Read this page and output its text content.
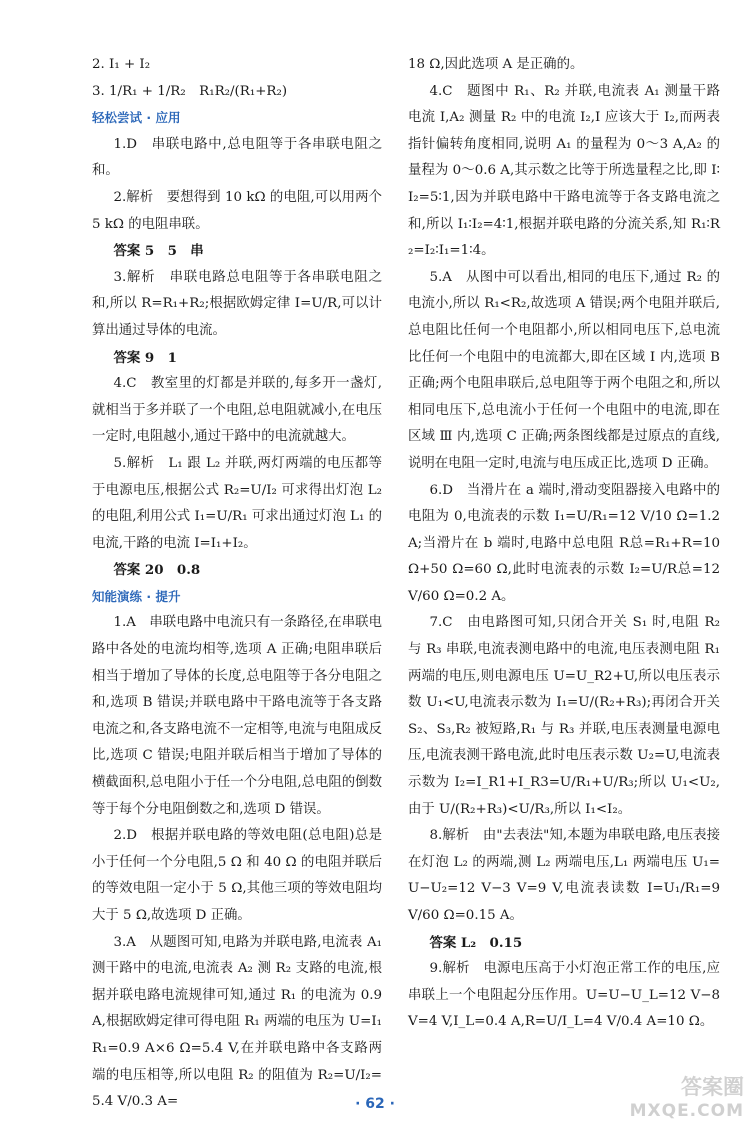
2. I₁ + I₂

3. 1/R₁ + 1/R₂　R₁R₂/(R₁+R₂)

轻松尝试 · 应用

1.D　串联电路中,总电阻等于各串联电阻之和。

2.解析　要想得到 10 kΩ 的电阻,可以用两个 5 kΩ 的电阻串联。

答案 5　5　串

3.解析　串联电路总电阻等于各串联电阻之和,所以 R=R₁+R₂;根据欧姆定律 I=U/R,可以计算出通过导体的电流。

答案 9　1

4.C　教室里的灯都是并联的,每多开一盏灯,就相当于多并联了一个电阻,总电阻就减小,在电压一定时,电阻越小,通过干路中的电流就越大。

5.解析　L₁ 跟 L₂ 并联,两灯两端的电压都等于电源电压,根据公式 R₂=U/I₂ 可求得出灯泡 L₂ 的电阻,利用公式 I₁=U/R₁ 可求出通过灯泡 L₁ 的电流,干路的电流 I=I₁+I₂。

答案 20　0.8

知能演练 · 提升

1.A　串联电路中电流只有一条路径,在串联电路中各处的电流均相等,选项 A 正确;电阻串联后相当于增加了导体的长度,总电阻等于各分电阻之和,选项 B 错误;并联电路中干路电流等于各支路电流之和,各支路电流不一定相等,电流与电阻成反比,选项 C 错误;电阻并联后相当于增加了导体的横截面积,总电阻小于任一个分电阻,总电阻的倒数等于每个分电阻倒数之和,选项 D 错误。

2.D　根据并联电路的等效电阻(总电阻)总是小于任何一个分电阻,5 Ω 和 40 Ω 的电阻并联后的等效电阻一定小于 5 Ω,其他三项的等效电阻均大于 5 Ω,故选项 D 正确。

3.A　从题图可知,电路为并联电路,电流表 A₁ 测干路中的电流,电流表 A₂ 测 R₂ 支路的电流,根据并联电路电流规律可知,通过 R₁ 的电流为 0.9 A,根据欧姆定律可得电阻 R₁ 两端的电压为 U=I₁R₁=0.9 A×6 Ω=5.4 V,在并联电路中各支路两端的电压相等,所以电阻 R₂ 的阻值为 R₂=U/I₂=5.4 V/0.3 A=

18 Ω,因此选项 A 是正确的。

4.C　题图中 R₁、R₂ 并联,电流表 A₁ 测量干路电流 I,A₂ 测量 R₂ 中的电流 I₂,I 应该大于 I₂,而两表指针偏转角度相同,说明 A₁ 的量程为 0～3 A,A₂ 的量程为 0～0.6 A,其示数之比等于所选量程之比,即 I∶I₂=5∶1,因为并联电路中干路电流等于各支路电流之和,所以 I₁∶I₂=4∶1,根据并联电路的分流关系,知 R₁∶R₂=I₂∶I₁=1∶4。

5.A　从图中可以看出,相同的电压下,通过 R₂ 的电流小,所以 R₁<R₂,故选项 A 错误;两个电阻并联后,总电阻比任何一个电阻都小,所以相同电压下,总电流比任何一个电阻中的电流都大,即在区域 Ⅰ 内,选项 B 正确;两个电阻串联后,总电阻等于两个电阻之和,所以相同电压下,总电流小于任何一个电阻中的电流,即在区域 Ⅲ 内,选项 C 正确;两条图线都是过原点的直线,说明在电阻一定时,电流与电压成正比,选项 D 正确。

6.D　当滑片在 a 端时,滑动变阻器接入电路中的电阻为 0,电流表的示数 I₁=U/R₁=12 V/10 Ω=1.2 A;当滑片在 b 端时,电路中总电阻 R总=R₁+R=10 Ω+50 Ω=60 Ω,此时电流表的示数 I₂=U/R总=12 V/60 Ω=0.2 A。

7.C　由电路图可知,只闭合开关 S₁ 时,电阻 R₂ 与 R₃ 串联,电流表测电路中的电流,电压表测电阻 R₁ 两端的电压,则电源电压 U=U_R2+U,所以电压表示数 U₁<U,电流表示数为 I₁=U/(R₂+R₃);再闭合开关 S₂、S₃,R₂ 被短路,R₁ 与 R₃ 并联,电压表测量电源电压,电流表测干路电流,此时电压表示数 U₂=U,电流表示数为 I₂=I_R1+I_R3=U/R₁+U/R₃;所以 U₁<U₂,由于 U/(R₂+R₃)<U/R₃,所以 I₁<I₂。

8.解析　由"去表法"知,本题为串联电路,电压表接在灯泡 L₂ 的两端,测 L₂ 两端电压,L₁ 两端电压 U₁=U−U₂=12 V−3 V=9 V,电流表读数 I=U₁/R₁=9 V/60 Ω=0.15 A。

答案 L₂　0.15

9.解析　电源电压高于小灯泡正常工作的电压,应串联上一个电阻起分压作用。U=U−U_L=12 V−8 V=4 V,I_L=0.4 A,R=U/I_L=4 V/0.4 A=10 Ω。

· 62 ·
答案圈
MXQE.COM
